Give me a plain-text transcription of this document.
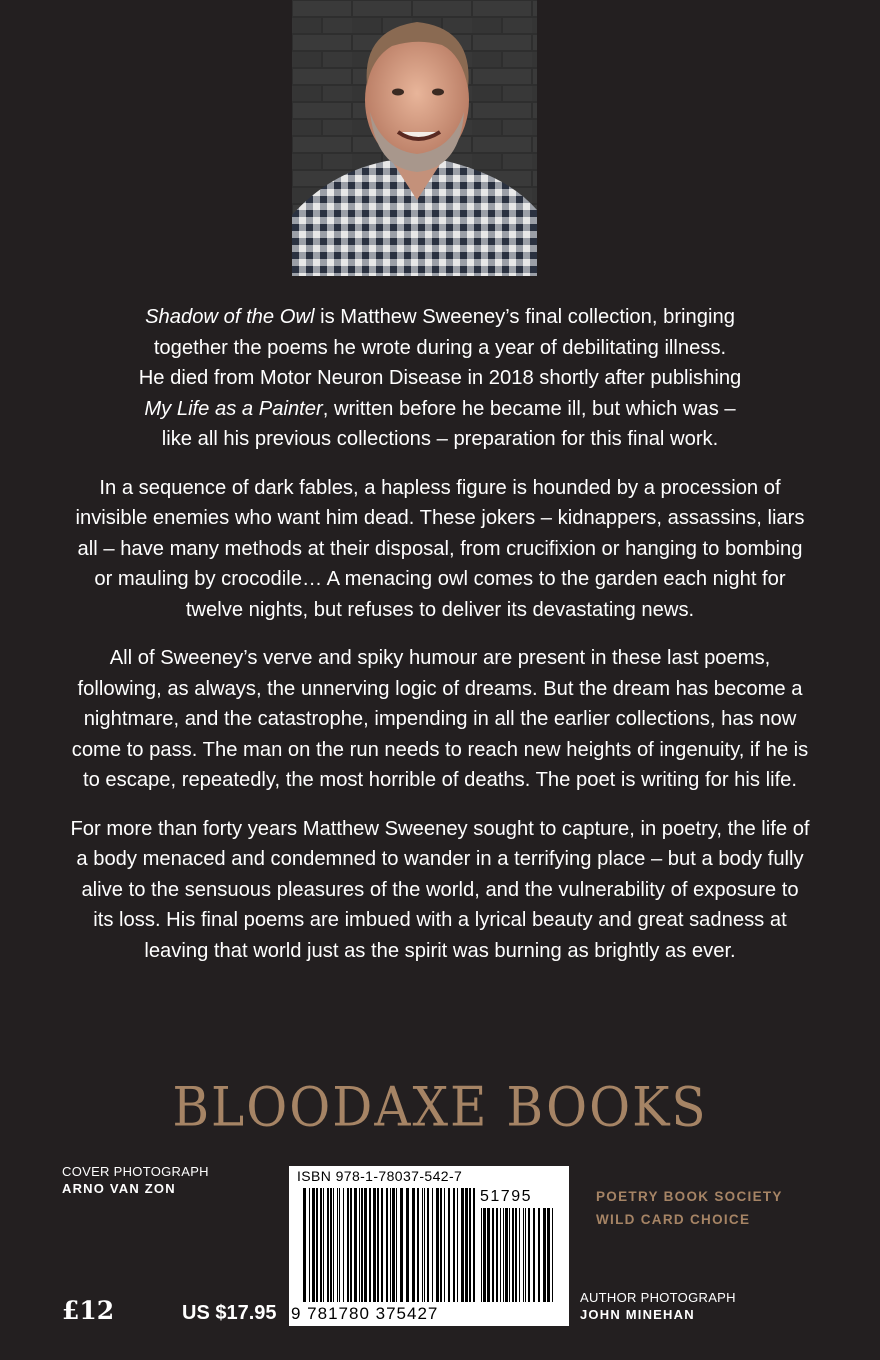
Shadow of the Owl is Matthew Sweeney’s final collection, bringing
together the poems he wrote during a year of debilitating illness.
He died from Motor Neuron Disease in 2018 shortly after publishing
My Life as a Painter, written before he became ill, but which was –
like all his previous collections – preparation for this final work.

In a sequence of dark fables, a hapless figure is hounded by a procession of invisible enemies who want him dead. These jokers – kidnappers, assassins, liars all – have many methods at their disposal, from crucifixion or hanging to bombing or mauling by crocodile… A menacing owl comes to the garden each night for twelve nights, but refuses to deliver its devastating news.

All of Sweeney’s verve and spiky humour are present in these last poems, following, as always, the unnerving logic of dreams. But the dream has become a nightmare, and the catastrophe, impending in all the earlier collections, has now come to pass. The man on the run needs to reach new heights of ingenuity, if he is to escape, repeatedly, the most horrible of deaths. The poet is writing for his life.

For more than forty years Matthew Sweeney sought to capture, in poetry, the life of a body menaced and condemned to wander in a terrifying place – but a body fully alive to the sensuous pleasures of the world, and the vulnerability of exposure to its loss. His final poems are imbued with a lyrical beauty and great sadness at leaving that world just as the spirit was burning as brightly as ever.

BLOODAXE BOOKS
COVER PHOTOGRAPH
ARNO VAN ZON
POETRY BOOK SOCIETY
WILD CARD CHOICE
AUTHOR PHOTOGRAPH
JOHN MINEHAN
£12	US $17.95
ISBN 978-1-78037-542-7
51795
9 781780 375427
